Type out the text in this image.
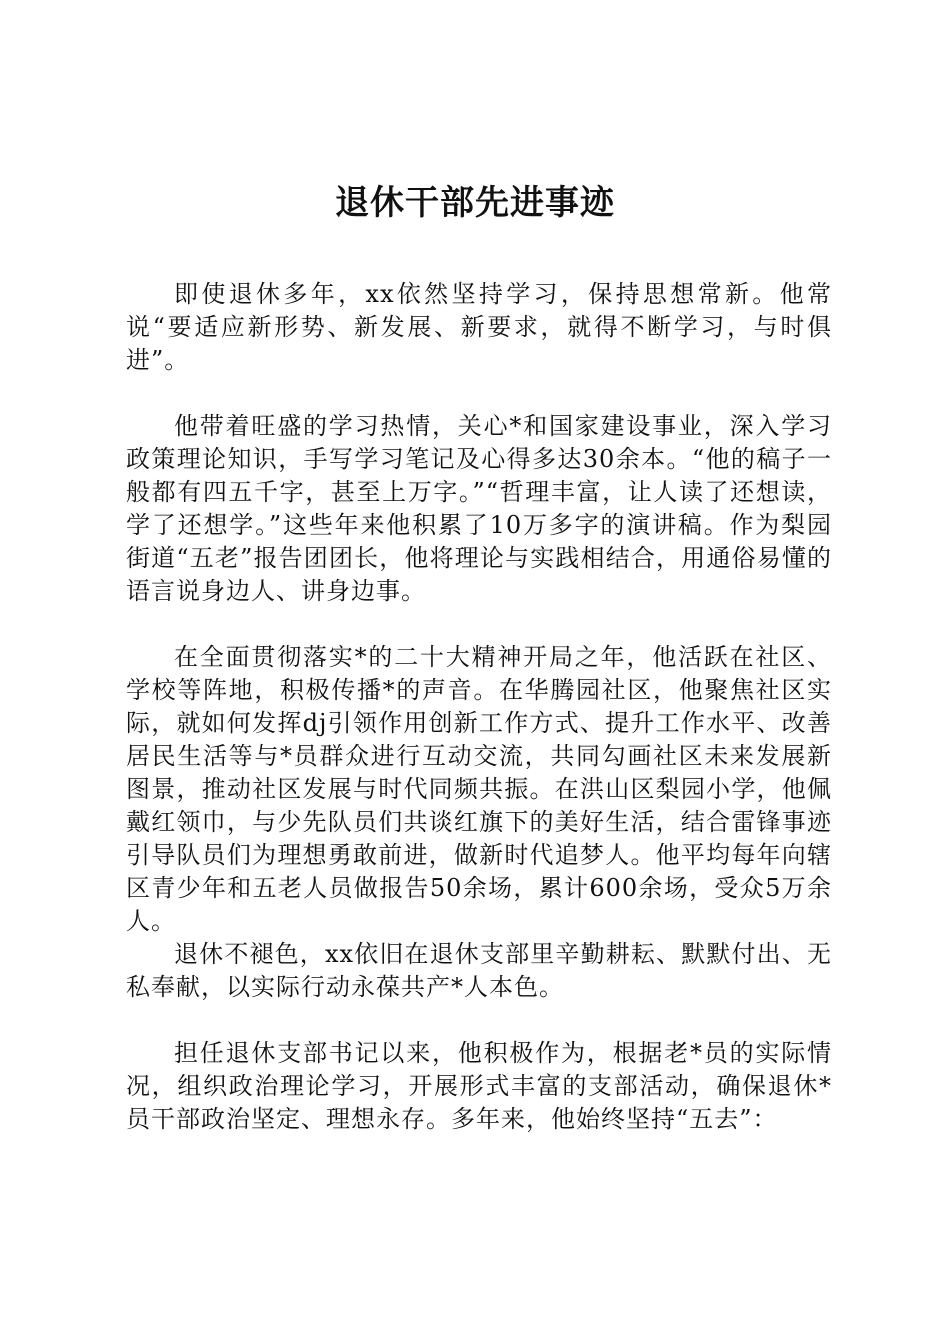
退休干部先进事迹

即使退休多年，xx依然坚持学习，保持思想常新。他常说“要适应新形势、新发展、新要求，就得不断学习，与时俱进”。

他带着旺盛的学习热情，关心*和国家建设事业，深入学习政策理论知识，手写学习笔记及心得多达30余本。“他的稿子一般都有四五千字，甚至上万字。”“哲理丰富，让人读了还想读，学了还想学。”这些年来他积累了10万多字的演讲稿。作为梨园街道“五老”报告团团长，他将理论与实践相结合，用通俗易懂的语言说身边人、讲身边事。

在全面贯彻落实*的二十大精神开局之年，他活跃在社区、学校等阵地，积极传播*的声音。在华腾园社区，他聚焦社区实际，就如何发挥dj引领作用创新工作方式、提升工作水平、改善居民生活等与*员群众进行互动交流，共同勾画社区未来发展新图景，推动社区发展与时代同频共振。在洪山区梨园小学，他佩戴红领巾，与少先队员们共谈红旗下的美好生活，结合雷锋事迹引导队员们为理想勇敢前进，做新时代追梦人。他平均每年向辖区青少年和五老人员做报告50余场，累计600余场，受众5万余人。

退休不褪色，xx依旧在退休支部里辛勤耕耘、默默付出、无私奉献，以实际行动永葆共产*人本色。

担任退休支部书记以来，他积极作为，根据老*员的实际情况，组织政治理论学习，开展形式丰富的支部活动，确保退休*员干部政治坚定、理想永存。多年来，他始终坚持“五去”：
